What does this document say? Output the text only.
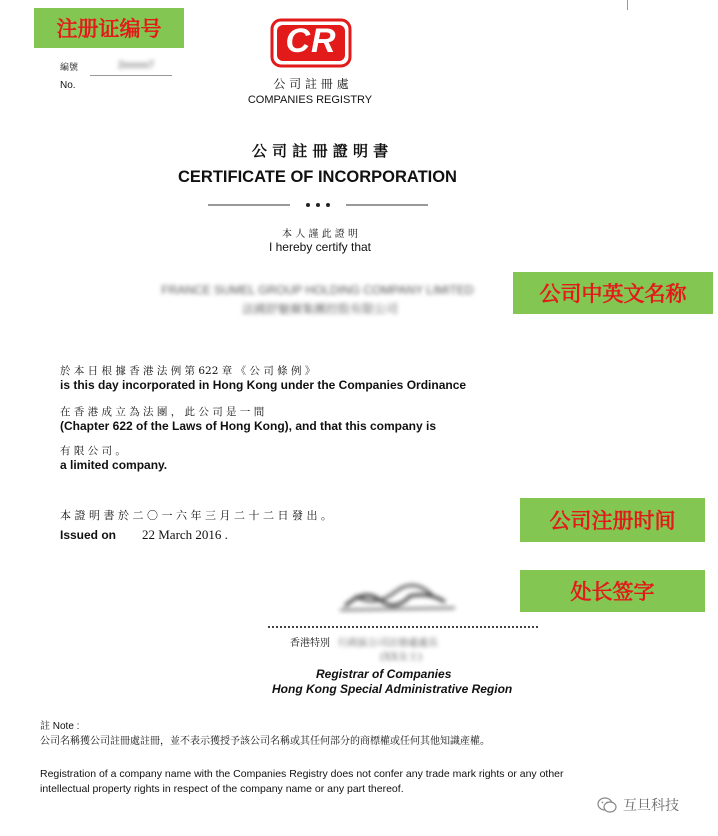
注册证编号
公司中英文名称
公司注册时间
处长签字
編號
No.
2xxxxx7
CR
公 司 註 冊 處
COMPANIES REGISTRY
公 司 註 冊 證 明 書
CERTIFICATE OF INCORPORATION
本 人 謹 此 證 明
I hereby certify that
FRANCE SUMEL GROUP HOLDING COMPANY LIMITED
法國舒魅爾集團控股有限公司
於 本 日 根 據 香 港 法 例 第 622 章 《 公 司 條 例 》
is this day incorporated in Hong Kong under the Companies Ordinance
在 香 港 成 立 為 法 團 ， 此 公 司 是 一 間
(Chapter 622 of the Laws of Hong Kong), and that this company is
有 限 公 司 。
a limited company.
本 證 明 書 於 二 〇 一 六 年 三 月 二 十 二 日 發 出 。
Issued on 22 March 2016 .
香港特別 行政區公司註冊處處長
(XX女士)
Registrar of Companies
Hong Kong Special Administrative Region
註 Note :
公司名稱獲公司註冊處註冊，並不表示獲授予該公司名稱或其任何部分的商標權或任何其他知識產權。
Registration of a company name with the Companies Registry does not confer any trade mark rights or any other intellectual property rights in respect of the company name or any part thereof.
互旦科技
